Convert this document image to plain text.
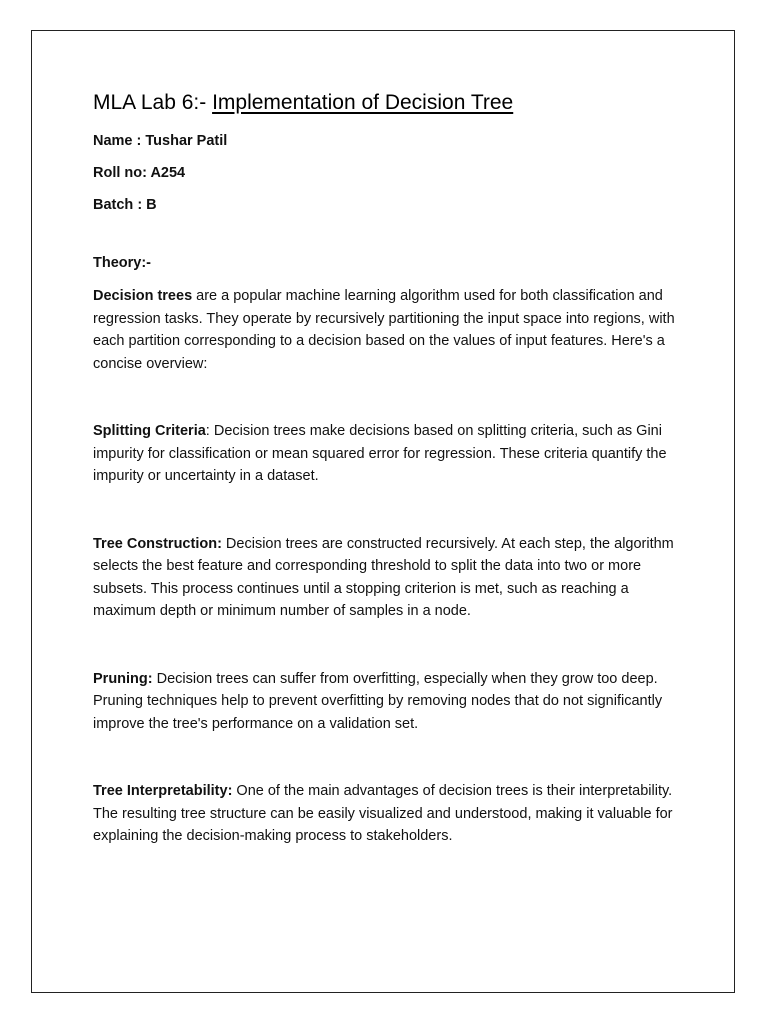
MLA Lab 6:- Implementation of Decision Tree

Name : Tushar Patil

Roll no: A254

Batch : B

Theory:-

Decision trees are a popular machine learning algorithm used for both classification and regression tasks. They operate by recursively partitioning the input space into regions, with each partition corresponding to a decision based on the values of input features. Here's a concise overview:

Splitting Criteria: Decision trees make decisions based on splitting criteria, such as Gini impurity for classification or mean squared error for regression. These criteria quantify the impurity or uncertainty in a dataset.

Tree Construction: Decision trees are constructed recursively. At each step, the algorithm selects the best feature and corresponding threshold to split the data into two or more subsets. This process continues until a stopping criterion is met, such as reaching a maximum depth or minimum number of samples in a node.

Pruning: Decision trees can suffer from overfitting, especially when they grow too deep. Pruning techniques help to prevent overfitting by removing nodes that do not significantly improve the tree's performance on a validation set.

Tree Interpretability: One of the main advantages of decision trees is their interpretability. The resulting tree structure can be easily visualized and understood, making it valuable for explaining the decision-making process to stakeholders.
